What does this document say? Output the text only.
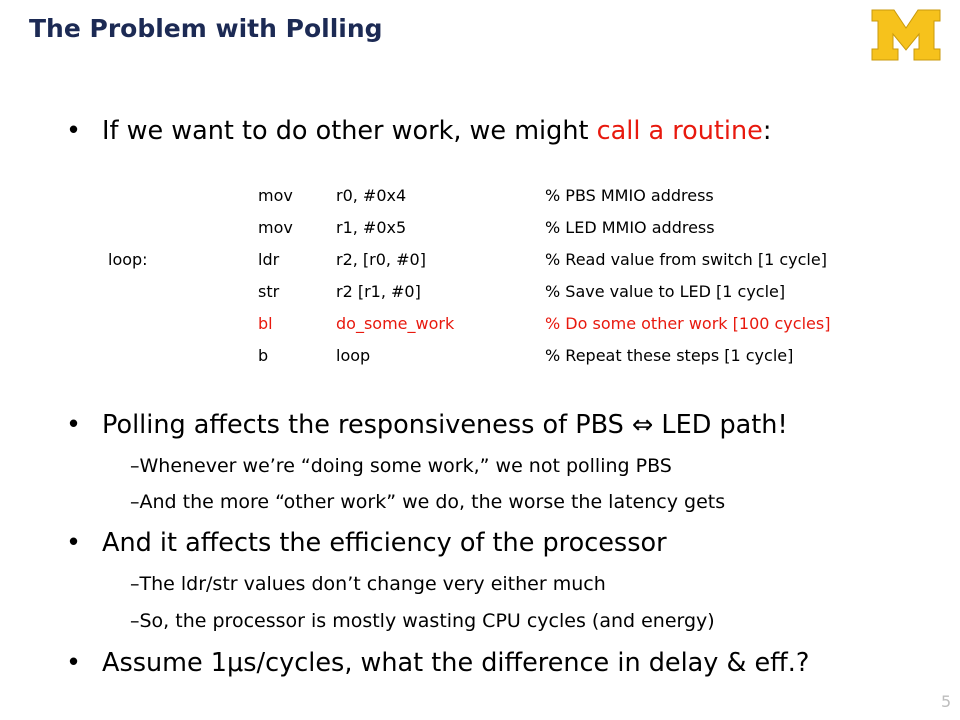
The Problem with Polling
• If we want to do other work, we might call a routine:
mov	r0, #0x4	% PBS MMIO address
mov	r1, #0x5	% LED MMIO address
loop:	ldr	r2, [r0, #0]	% Read value from switch [1 cycle]
str	r2 [r1, #0]	% Save value to LED [1 cycle]
bl	do_some_work	% Do some other work [100 cycles]
b	loop	% Repeat these steps [1 cycle]
• Polling affects the responsiveness of PBS ⇔ LED path!
–Whenever we’re “doing some work,” we not polling PBS
–And the more “other work” we do, the worse the latency gets
• And it affects the efficiency of the processor
–The ldr/str values don’t change very either much
–So, the processor is mostly wasting CPU cycles (and energy)
• Assume 1μs/cycles, what the difference in delay & eff.?
5
